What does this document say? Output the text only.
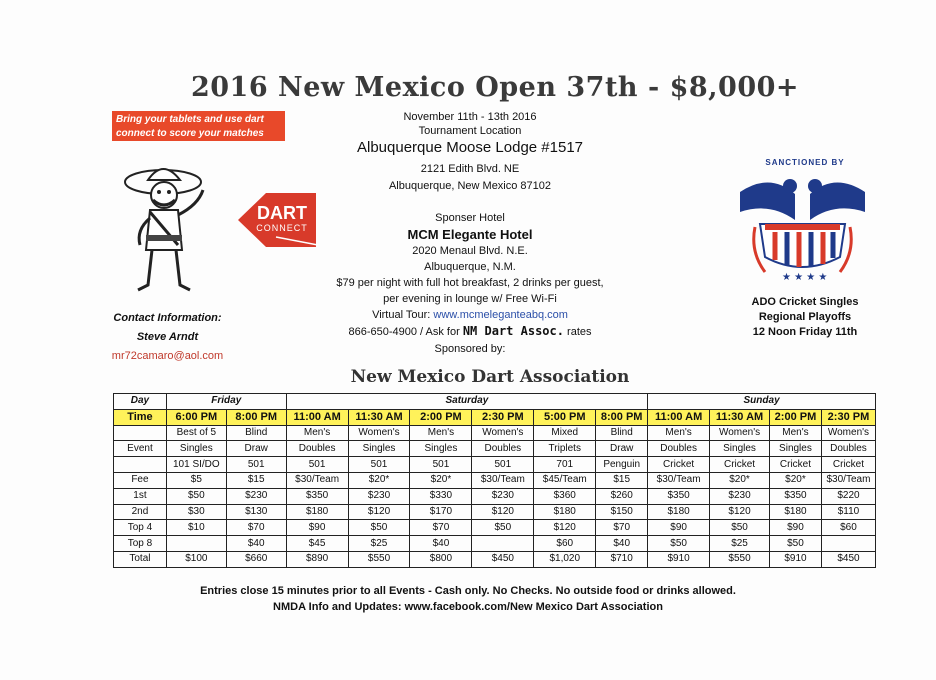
2016 New Mexico Open 37th - $8,000+
Bring your tablets and use dart connect to score your matches
DART
CONNECT
November 11th - 13th 2016
Tournament Location
Albuquerque Moose Lodge #1517
2121 Edith Blvd. NE
Albuquerque, New Mexico 87102
Sponser Hotel
MCM Elegante Hotel
2020 Menaul Blvd. N.E.
Albuquerque, N.M.
$79 per night with full hot breakfast, 2 drinks per guest,
per evening in lounge w/ Free Wi-Fi
Virtual Tour: www.mcmeleganteabq.com
866-650-4900 / Ask for NM Dart Assoc. rates
Sponsored by:
New Mexico Dart Association
Contact Information:
Steve Arndt
mr72camaro@aol.com
SANCTIONED BY
★ ★ ★ ★
ADO Cricket Singles
Regional Playoffs
12 Noon Friday 11th
Day	Friday		Saturday						Sunday			
Time	6:00 PM	8:00 PM	11:00 AM	11:30 AM	2:00 PM	2:30 PM	5:00 PM	8:00 PM	11:00 AM	11:30 AM	2:00 PM	2:30 PM
	Best of 5	Blind	Men's	Women's	Men's	Women's	Mixed	Blind	Men's	Women's	Men's	Women's
Event	Singles	Draw	Doubles	Singles	Singles	Doubles	Triplets	Draw	Doubles	Singles	Singles	Doubles
	101 SI/DO	501	501	501	501	501	701	Penguin	Cricket	Cricket	Cricket	Cricket
Fee	$5	$15	$30/Team	$20*	$20*	$30/Team	$45/Team	$15	$30/Team	$20*	$20*	$30/Team
1st	$50	$230	$350	$230	$330	$230	$360	$260	$350	$230	$350	$220
2nd	$30	$130	$180	$120	$170	$120	$180	$150	$180	$120	$180	$110
Top 4	$10	$70	$90	$50	$70	$50	$120	$70	$90	$50	$90	$60
Top 8		$40	$45	$25	$40		$60	$40	$50	$25	$50	
Total	$100	$660	$890	$550	$800	$450	$1,020	$710	$910	$550	$910	$450
Entries close 15 minutes prior to all Events - Cash only. No Checks. No outside food or drinks allowed.
NMDA Info and Updates: www.facebook.com/New Mexico Dart Association
